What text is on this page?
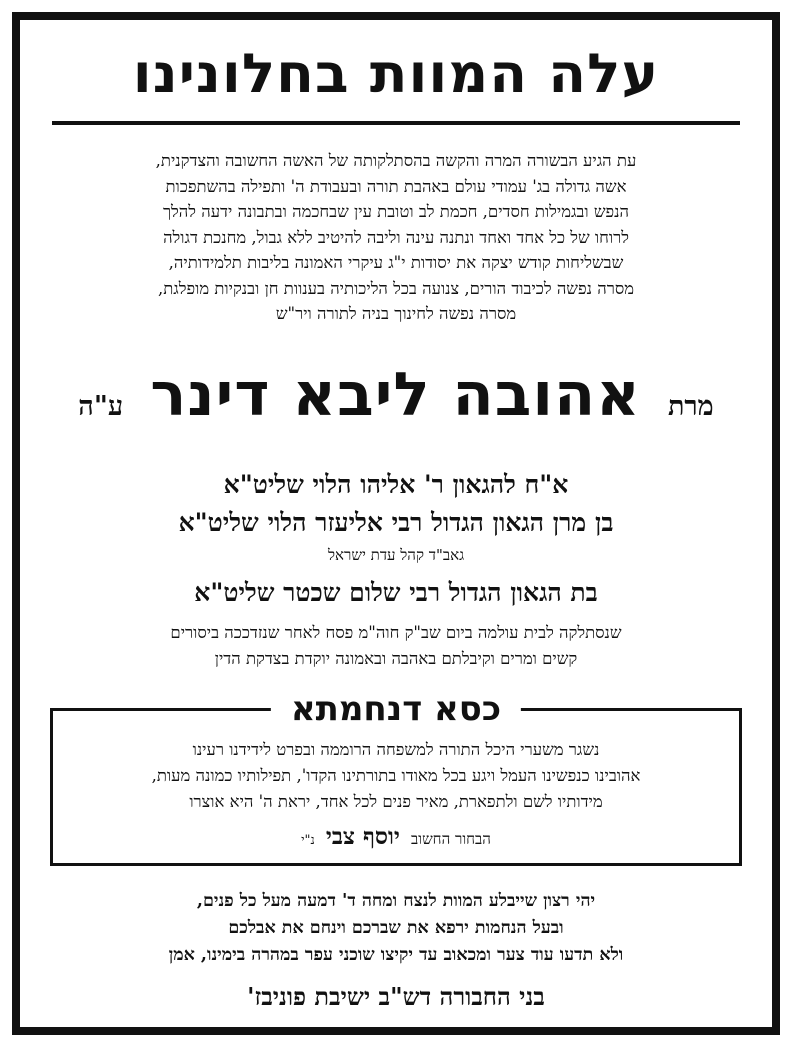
עלה המוות בחלונינו
עת הגיע הבשורה המרה והקשה בהסתלקותה של האשה החשובה והצדקנית,
אשה גדולה בג' עמודי עולם באהבת תורה ובעבודת ה' ותפילה בהשתפכות
הנפש ובגמילות חסדים, חכמת לב וטובת עין שבחכמה ובתבונה ידעה להלך
לרוחו של כל אחד ואחד ונתנה עינה וליבה להיטיב ללא גבול, מחנכת דגולה
שבשליחות קודש יצקה את יסודות י"ג עיקרי האמונה בליבות תלמידותיה,
מסרה נפשה לכיבוד הורים, צנועה בכל הליכותיה בענוות חן ובנקיות מופלגת,
מסרה נפשה לחינוך בניה לתורה ויר"ש
מרת אהובה ליבא דינר ע"ה
א"ח להגאון ר' אליהו הלוי שליט"א
בן מרן הגאון הגדול רבי אליעזר הלוי שליט"א
גאב"ד קהל עדת ישראל
בת הגאון הגדול רבי שלום שכטר שליט"א
שנסתלקה לבית עולמה ביום שב"ק חוה"מ פסח לאחר שנזדככה ביסורים
קשים ומרים וקיבלתם באהבה ובאמונה יוקדת בצדקת הדין
כסא דנחמתא
נשגר משערי היכל התורה למשפחה הרוממה ובפרט לידידנו רעינו
אהובינו כנפשינו העמל ויגע בכל מאודו בתורתינו הקדו', תפילותיו כמונה מעות,
מידותיו לשם ולתפארת, מאיר פנים לכל אחד, יראת ה' היא אוצרו
הבחור החשוב יוסף צבי נ"י
יהי רצון שייבלע המוות לנצח ומחה ד' דמעה מעל כל פנים,
ובעל הנחמות ירפא את שברכם וינחם את אבלכם
ולא תדעו עוד צער ומכאוב עד יקיצו שוכני עפר במהרה בימינו, אמן
בני החבורה דש"ב ישיבת פוניבז'
